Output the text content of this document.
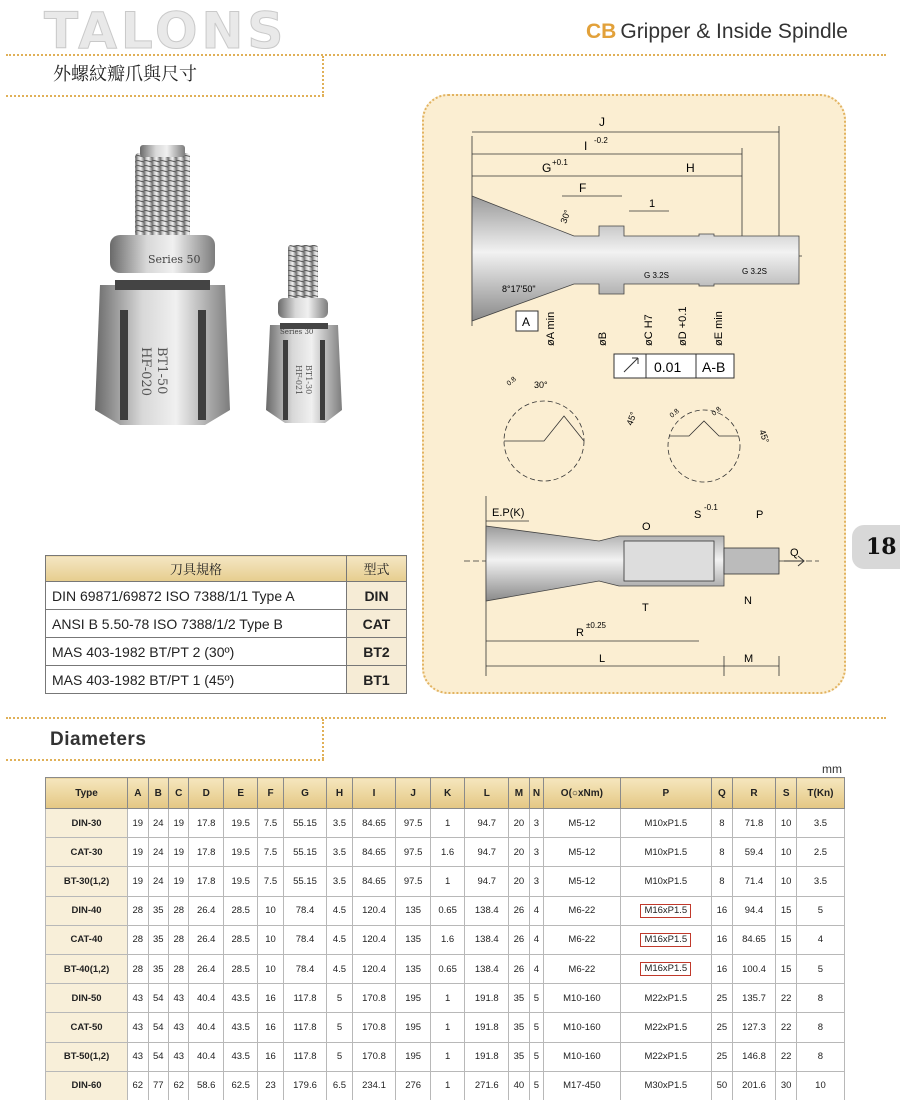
TALONS	CB Gripper & Inside Spindle
外螺紋瓣爪與尺寸
Series 50
BT1-50
HF-020
Series 30
BT1-30
HF-021
刀具規格	型式
DIN 69871/69872 ISO 7388/1/1 Type A	DIN
ANSI B 5.50-78 ISO 7388/1/2 Type B	CAT
MAS 403-1982 BT/PT 2 (30º)	BT2
MAS 403-1982 BT/PT 1 (45º)	BT1
J
I -0.2
G +0.1	H
F
1
30°
8°17'50"
G 3.2S	G 3.2S
A øA min	øB	øC H7 øD +0.1 øE min
0.01 A-B
30°
45°
45°
0.8
0.8	0.8
E.P(K)
O
S
-0.1
P
Q
T
N
R
±0.25
L	M
18
Diameters
mm
Type	A	B	C	D	E	F	G	H	I	J	K	L	M	N	O(○xNm)	P	Q	R	S	T(Kn)
DIN-30	19	24	19	17.8	19.5	7.5	55.15	3.5	84.65	97.5	1	94.7	20	3	M5-12	M10xP1.5	8	71.8	10	3.5
CAT-30	19	24	19	17.8	19.5	7.5	55.15	3.5	84.65	97.5	1.6	94.7	20	3	M5-12	M10xP1.5	8	59.4	10	2.5
BT-30(1,2)	19	24	19	17.8	19.5	7.5	55.15	3.5	84.65	97.5	1	94.7	20	3	M5-12	M10xP1.5	8	71.4	10	3.5
DIN-40	28	35	28	26.4	28.5	10	78.4	4.5	120.4	135	0.65	138.4	26	4	M6-22	M16xP1.5	16	94.4	15	5
CAT-40	28	35	28	26.4	28.5	10	78.4	4.5	120.4	135	1.6	138.4	26	4	M6-22	M16xP1.5	16	84.65	15	4
BT-40(1,2)	28	35	28	26.4	28.5	10	78.4	4.5	120.4	135	0.65	138.4	26	4	M6-22	M16xP1.5	16	100.4	15	5
DIN-50	43	54	43	40.4	43.5	16	117.8	5	170.8	195	1	191.8	35	5	M10-160	M22xP1.5	25	135.7	22	8
CAT-50	43	54	43	40.4	43.5	16	117.8	5	170.8	195	1	191.8	35	5	M10-160	M22xP1.5	25	127.3	22	8
BT-50(1,2)	43	54	43	40.4	43.5	16	117.8	5	170.8	195	1	191.8	35	5	M10-160	M22xP1.5	25	146.8	22	8
DIN-60	62	77	62	58.6	62.5	23	179.6	6.5	234.1	276	1	271.6	40	5	M17-450	M30xP1.5	50	201.6	30	10
